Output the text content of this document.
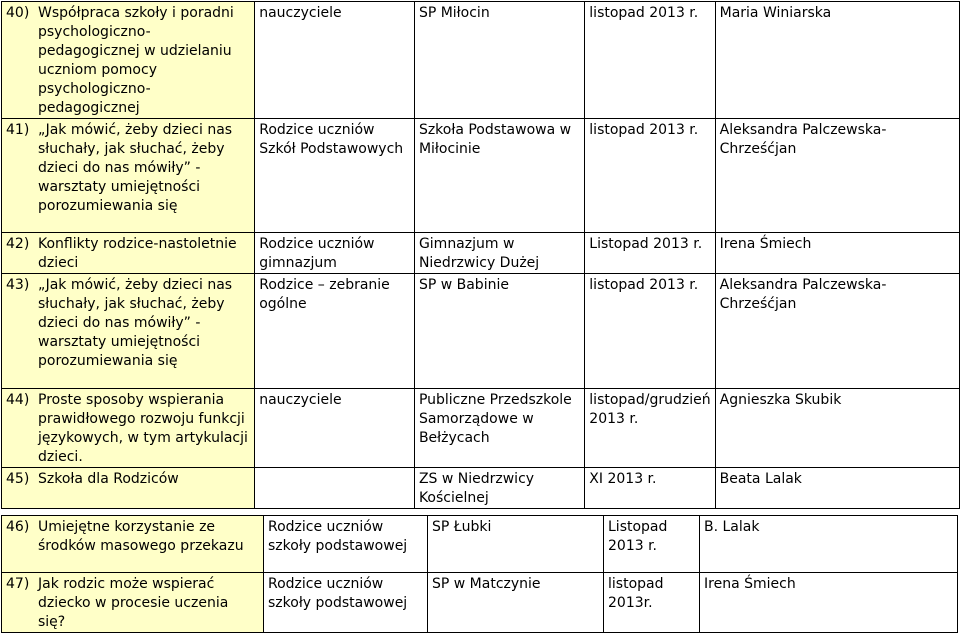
40) Współpraca szkoły i poradni psychologiczno-pedagogicznej w udzielaniu uczniom pomocy psychologiczno-pedagogicznej	nauczyciele	SP Miłocin	listopad 2013 r.	Maria Winiarska

41) „Jak mówić, żeby dzieci nas słuchały, jak słuchać, żeby dzieci do nas mówiły” - warsztaty umiejętności porozumiewania się	Rodzice uczniów Szkół Podstawowych	Szkoła Podstawowa w Miłocinie	listopad 2013 r.	Aleksandra Palczewska-Chrześćjan

42) Konflikty rodzice-nastoletnie dzieci	Rodzice uczniów gimnazjum	Gimnazjum w Niedrzwicy Dużej	Listopad 2013 r.	Irena Śmiech

43) „Jak mówić, żeby dzieci nas słuchały, jak słuchać, żeby dzieci do nas mówiły” - warsztaty umiejętności porozumiewania się	Rodzice – zebranie ogólne	SP w Babinie	listopad 2013 r.	Aleksandra Palczewska-Chrześćjan

44) Proste sposoby wspierania prawidłowego rozwoju funkcji językowych, w tym artykulacji dzieci.	nauczyciele	Publiczne Przedszkole Samorządowe w Bełżycach	listopad/grudzień 2013 r.	Agnieszka Skubik

45) Szkoła dla Rodziców		ZS w Niedrzwicy Kościelnej	XI 2013 r.	Beata Lalak
46) Umiejętne korzystanie ze środków masowego przekazu	Rodzice uczniów szkoły podstawowej	SP Łubki	Listopad 2013 r.	B. Lalak

47) Jak rodzic może wspierać dziecko w procesie uczenia się?	Rodzice uczniów szkoły podstawowej	SP w Matczynie	listopad 2013r.	Irena Śmiech
